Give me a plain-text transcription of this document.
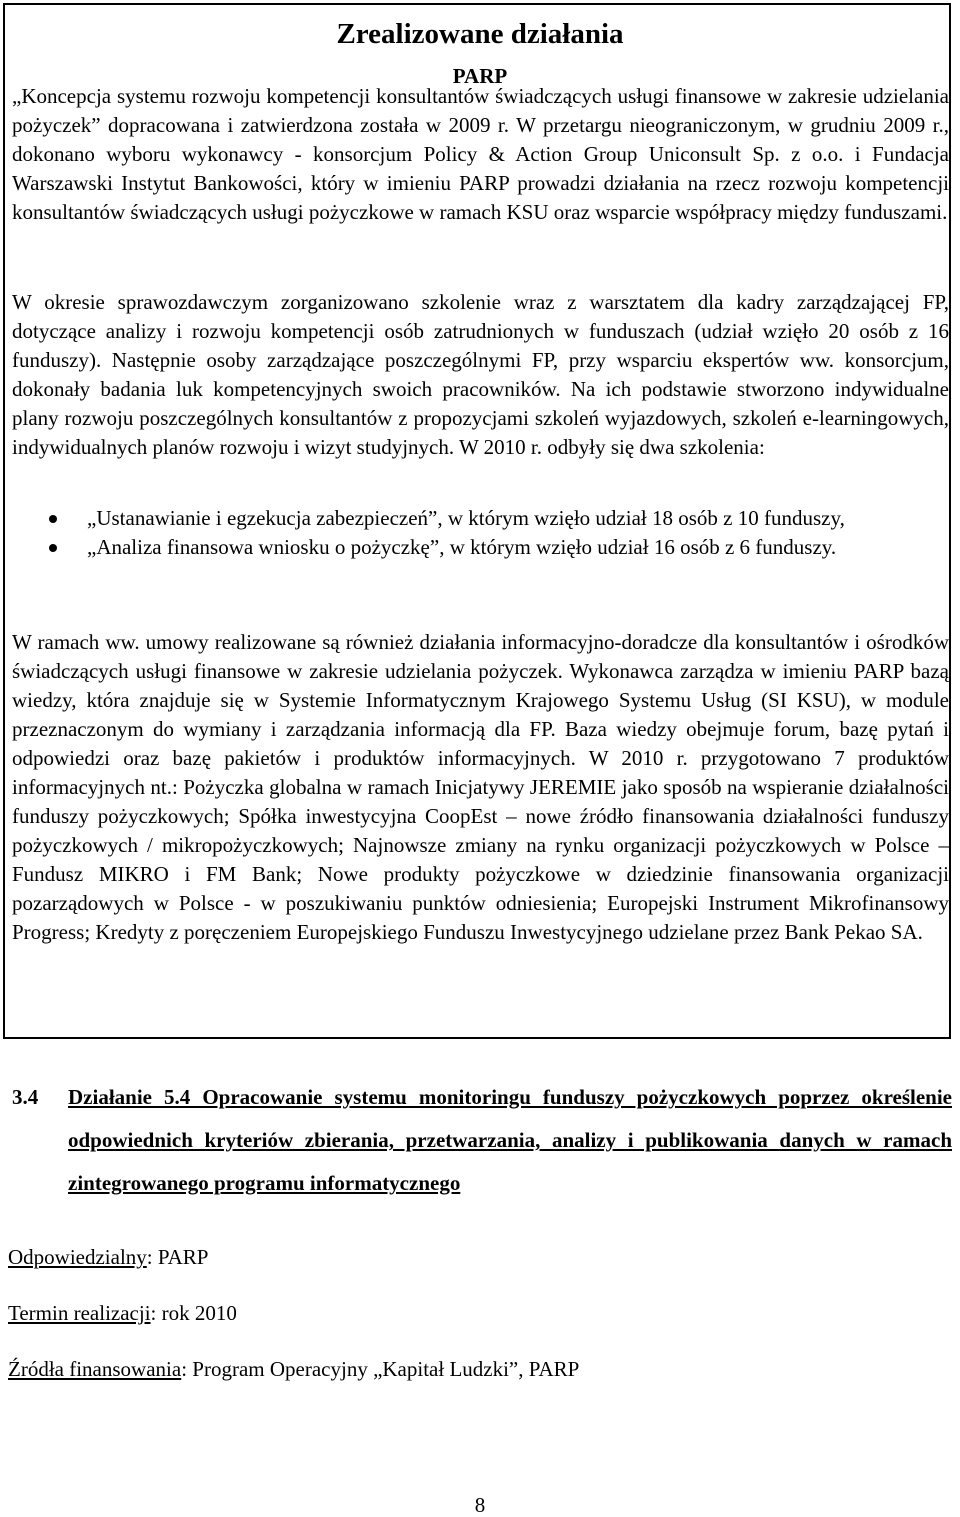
Zrealizowane działania
PARP

„Koncepcja systemu rozwoju kompetencji konsultantów świadczących usługi finansowe w zakresie udzielania pożyczek” dopracowana i zatwierdzona została w 2009 r. W przetargu nieograniczonym, w grudniu 2009 r., dokonano wyboru wykonawcy - konsorcjum Policy & Action Group Uniconsult Sp. z o.o. i Fundacja Warszawski Instytut Bankowości, który w imieniu PARP prowadzi działania na rzecz rozwoju kompetencji konsultantów świadczących usługi pożyczkowe w ramach KSU oraz wsparcie współpracy między funduszami.

W okresie sprawozdawczym zorganizowano szkolenie wraz z warsztatem dla kadry zarządzającej FP, dotyczące analizy i rozwoju kompetencji osób zatrudnionych w funduszach (udział wzięło 20 osób z 16 funduszy). Następnie osoby zarządzające poszczególnymi FP, przy wsparciu ekspertów ww. konsorcjum, dokonały badania luk kompetencyjnych swoich pracowników. Na ich podstawie stworzono indywidualne plany rozwoju poszczególnych konsultantów z propozycjami szkoleń wyjazdowych, szkoleń e-learningowych, indywidualnych planów rozwoju i wizyt studyjnych. W 2010 r. odbyły się dwa szkolenia:

„Ustanawianie i egzekucja zabezpieczeń”, w którym wzięło udział 18 osób z 10 funduszy,
„Analiza finansowa wniosku o pożyczkę”, w którym wzięło udział 16 osób z 6 funduszy.

W ramach ww. umowy realizowane są również działania informacyjno-doradcze dla konsultantów i ośrodków świadczących usługi finansowe w zakresie udzielania pożyczek. Wykonawca zarządza w imieniu PARP bazą wiedzy, która znajduje się w Systemie Informatycznym Krajowego Systemu Usług (SI KSU), w module przeznaczonym do wymiany i zarządzania informacją dla FP. Baza wiedzy obejmuje forum, bazę pytań i odpowiedzi oraz bazę pakietów i produktów informacyjnych. W 2010 r. przygotowano 7 produktów informacyjnych nt.: Pożyczka globalna w ramach Inicjatywy JEREMIE jako sposób na wspieranie działalności funduszy pożyczkowych; Spółka inwestycyjna CoopEst – nowe źródło finansowania działalności funduszy pożyczkowych / mikropożyczkowych; Najnowsze zmiany na rynku organizacji pożyczkowych w Polsce – Fundusz MIKRO i FM Bank; Nowe produkty pożyczkowe w dziedzinie finansowania organizacji pozarządowych w Polsce - w poszukiwaniu punktów odniesienia; Europejski Instrument Mikrofinansowy Progress; Kredyty z poręczeniem Europejskiego Funduszu Inwestycyjnego udzielane przez Bank Pekao SA.

3.4 Działanie 5.4 Opracowanie systemu monitoringu funduszy pożyczkowych poprzez określenie odpowiednich kryteriów zbierania, przetwarzania, analizy i publikowania danych w ramach zintegrowanego programu informatycznego

Odpowiedzialny: PARP

Termin realizacji: rok 2010

Źródła finansowania: Program Operacyjny „Kapitał Ludzki”, PARP

8
